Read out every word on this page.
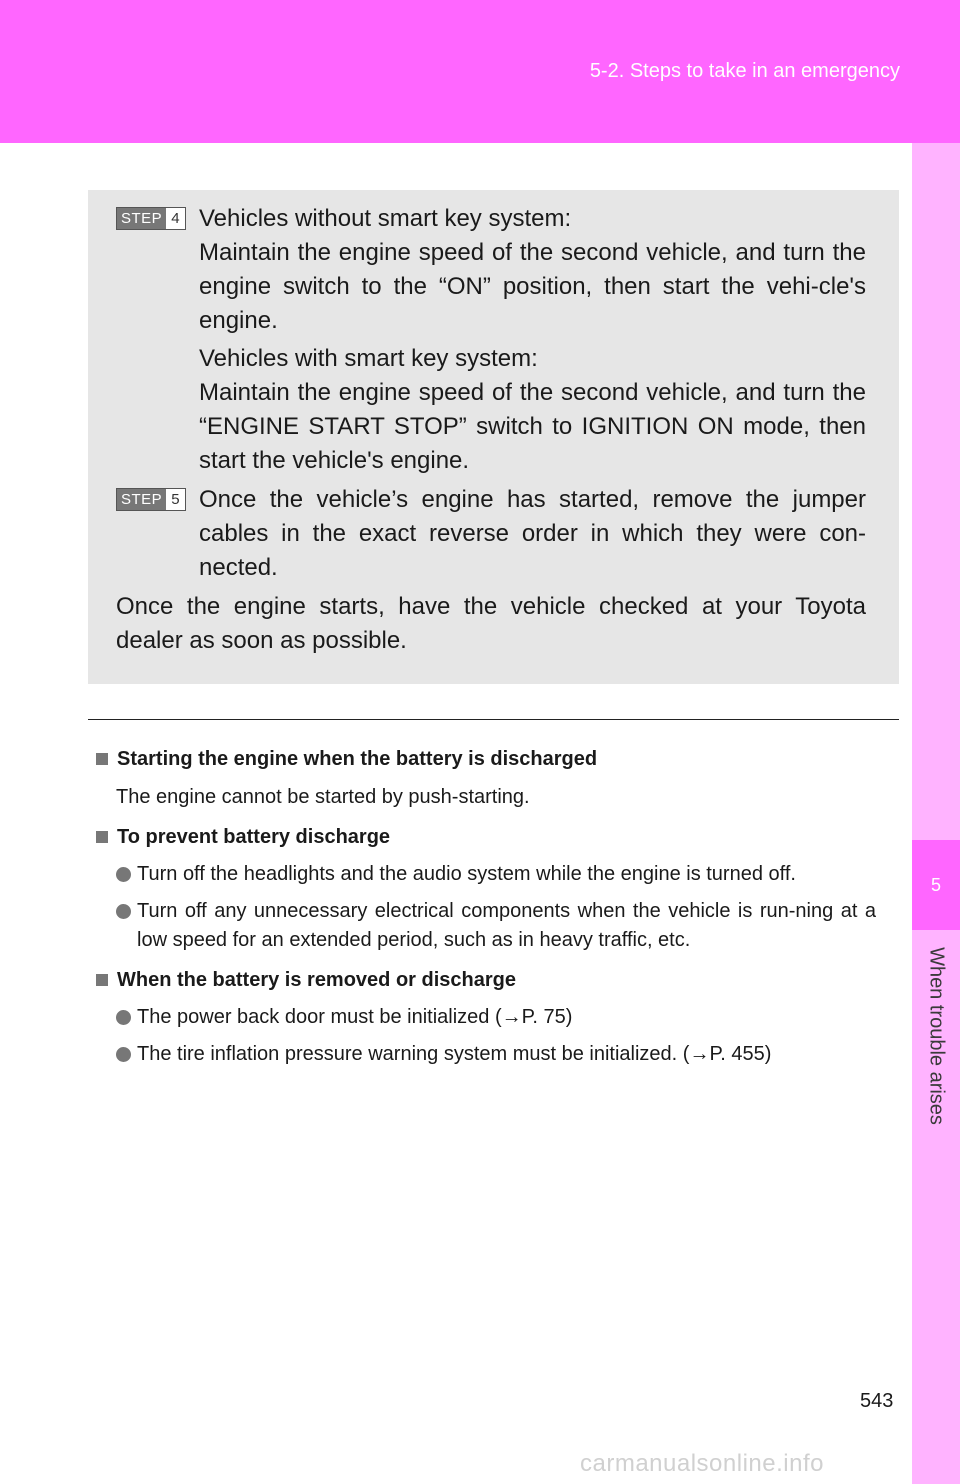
5-2. Steps to take in an emergency
5
When trouble arises
STEP 4 Vehicles without smart key system:

Maintain the engine speed of the second vehicle, and turn the engine switch to the “ON” position, then start the vehi-cle's engine.

Vehicles with smart key system:

Maintain the engine speed of the second vehicle, and turn the “ENGINE START STOP” switch to IGNITION ON mode, then start the vehicle's engine.

STEP 5 Once the vehicle’s engine has started, remove the jumper cables in the exact reverse order in which they were con-nected.

Once the engine starts, have the vehicle checked at your Toyota dealer as soon as possible.

Starting the engine when the battery is discharged
The engine cannot be started by push-starting.
To prevent battery discharge
Turn off the headlights and the audio system while the engine is turned off.
Turn off any unnecessary electrical components when the vehicle is run-ning at a low speed for an extended period, such as in heavy traffic, etc.
When the battery is removed or discharge
The power back door must be initialized (→P. 75)
The tire inflation pressure warning system must be initialized. (→P. 455)
543
carmanualsonline.info
